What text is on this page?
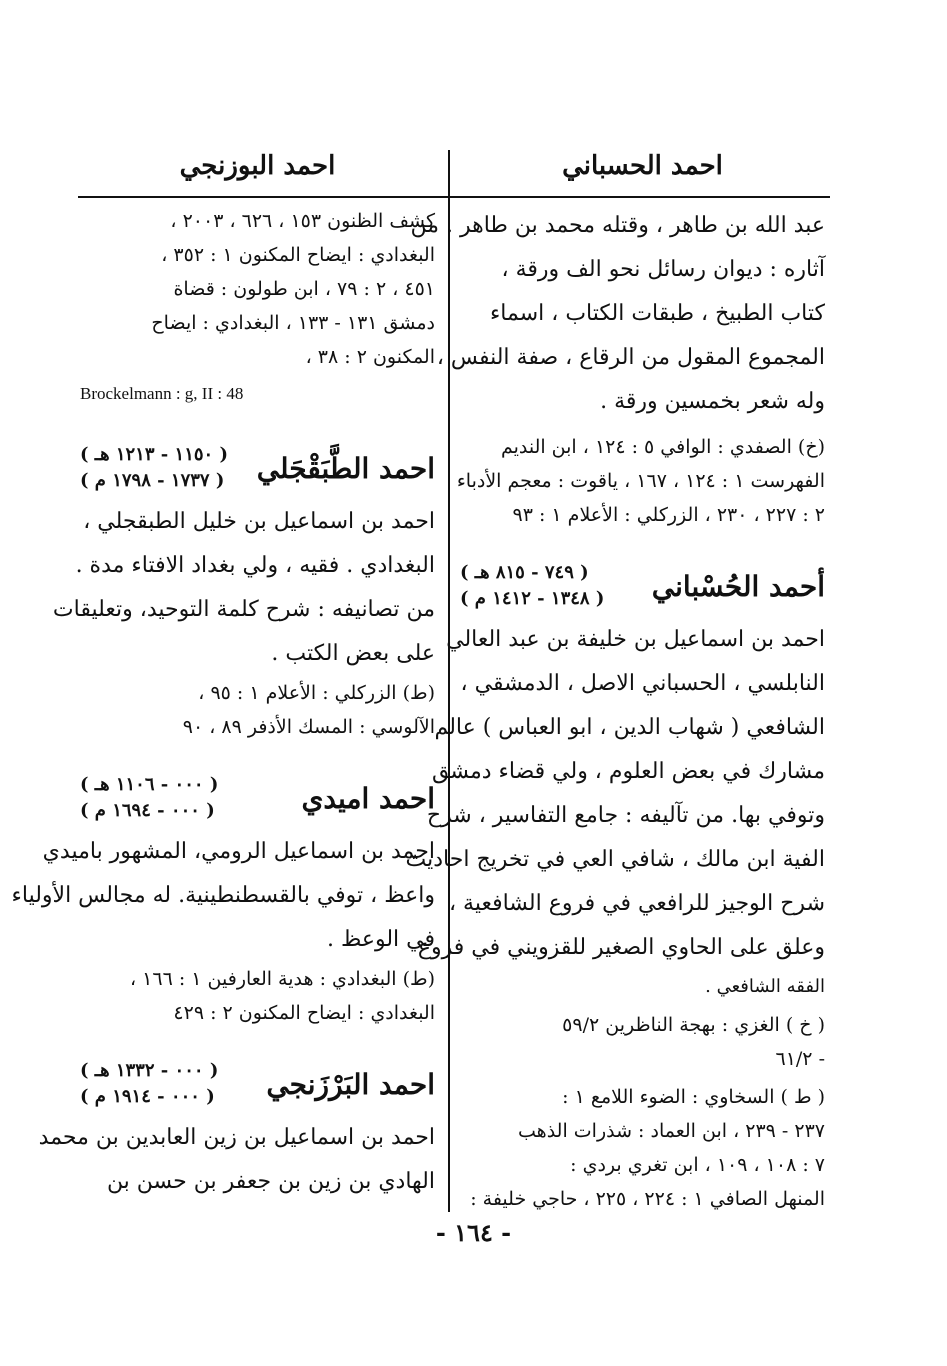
احمد الحسباني
عبد الله بن طاهر ، وقتله محمد بن طاهر . من
آثاره : ديوان رسائل نحو الف ورقة ،
كتاب الطبيخ ، طبقات الكتاب ، اسماء
المجموع المقول من الرقاع ، صفة النفس ،
وله شعر بخمسين ورقة .
(خ) الصفدي : الوافي ٥ : ١٢٤ ، ابن النديم
الفهرست ١ : ١٢٤ ، ١٦٧ ، ياقوت : معجم الأدباء
٢ : ٢٢٧ ، ٢٣٠ ، الزركلي : الأعلام ١ : ٩٣
أحمد الحُسْباني
( ٧٤٩ - ٨١٥ هـ )
( ١٣٤٨ - ١٤١٢ م )
احمد بن اسماعيل بن خليفة بن عبد العالي
النابلسي ، الحسباني الاصل ، الدمشقي ،
الشافعي ( شهاب الدين ، ابو العباس ) عالم
مشارك في بعض العلوم ، ولي قضاء دمشق
وتوفي بها. من تآليفه : جامع التفاسير ، شرح
الفية ابن مالك ، شافي العي في تخريج احاديث
شرح الوجيز للرافعي في فروع الشافعية ،
وعلق على الحاوي الصغير للقزويني في فروع
الفقه الشافعي .
( خ ) الغزي : بهجة الناظرين ٥٩/٢
- ٦١/٢
( ط ) السخاوي : الضوء اللامع ١ :
٢٣٧ - ٢٣٩ ، ابن العماد : شذرات الذهب
٧ : ١٠٨ ، ١٠٩ ، ابن تغري بردي :
المنهل الصافي ١ : ٢٢٤ ، ٢٢٥ ، حاجي خليفة :
احمد البوزنجي
كشف الظنون ١٥٣ ، ٦٢٦ ، ٢٠٠٣ ،
البغدادي : ايضاح المكنون ١ : ٣٥٢ ،
٤٥١ ، ٢ : ٧٩ ، ابن طولون : قضاة
دمشق ١٣١ - ١٣٣ ، البغدادي : ايضاح
المكنون ٢ : ٣٨ ،
Brockelmann : g, II : 48
احمد الطَّبَقْجَلي
( ١١٥٠ - ١٢١٣ هـ )
( ١٧٣٧ - ١٧٩٨ م )
احمد بن اسماعيل بن خليل الطبقجلي ،
البغدادي . فقيه ، ولي بغداد الافتاء مدة .
من تصانيفه : شرح كلمة التوحيد، وتعليقات
على بعض الكتب .
(ط) الزركلي : الأعلام ١ : ٩٥ ،
الآلوسي : المسك الأذفر ٨٩ ، ٩٠
احمد اميدي
( ٠٠٠ - ١١٠٦ هـ )
( ٠٠٠ - ١٦٩٤ م )
احمد بن اسماعيل الرومي، المشهور باميدي
واعظ ، توفي بالقسطنطينية. له مجالس الأولياء
في الوعظ .
(ط) البغدادي : هدية العارفين ١ : ١٦٦ ،
البغدادي : ايضاح المكنون ٢ : ٤٢٩
احمد البَرْزَنجي
( ٠٠٠ - ١٣٣٢ هـ )
( ٠٠٠ - ١٩١٤ م )
احمد بن اسماعيل بن زين العابدين بن محمد
الهادي بن زين بن جعفر بن حسن بن
- ١٦٤ -
